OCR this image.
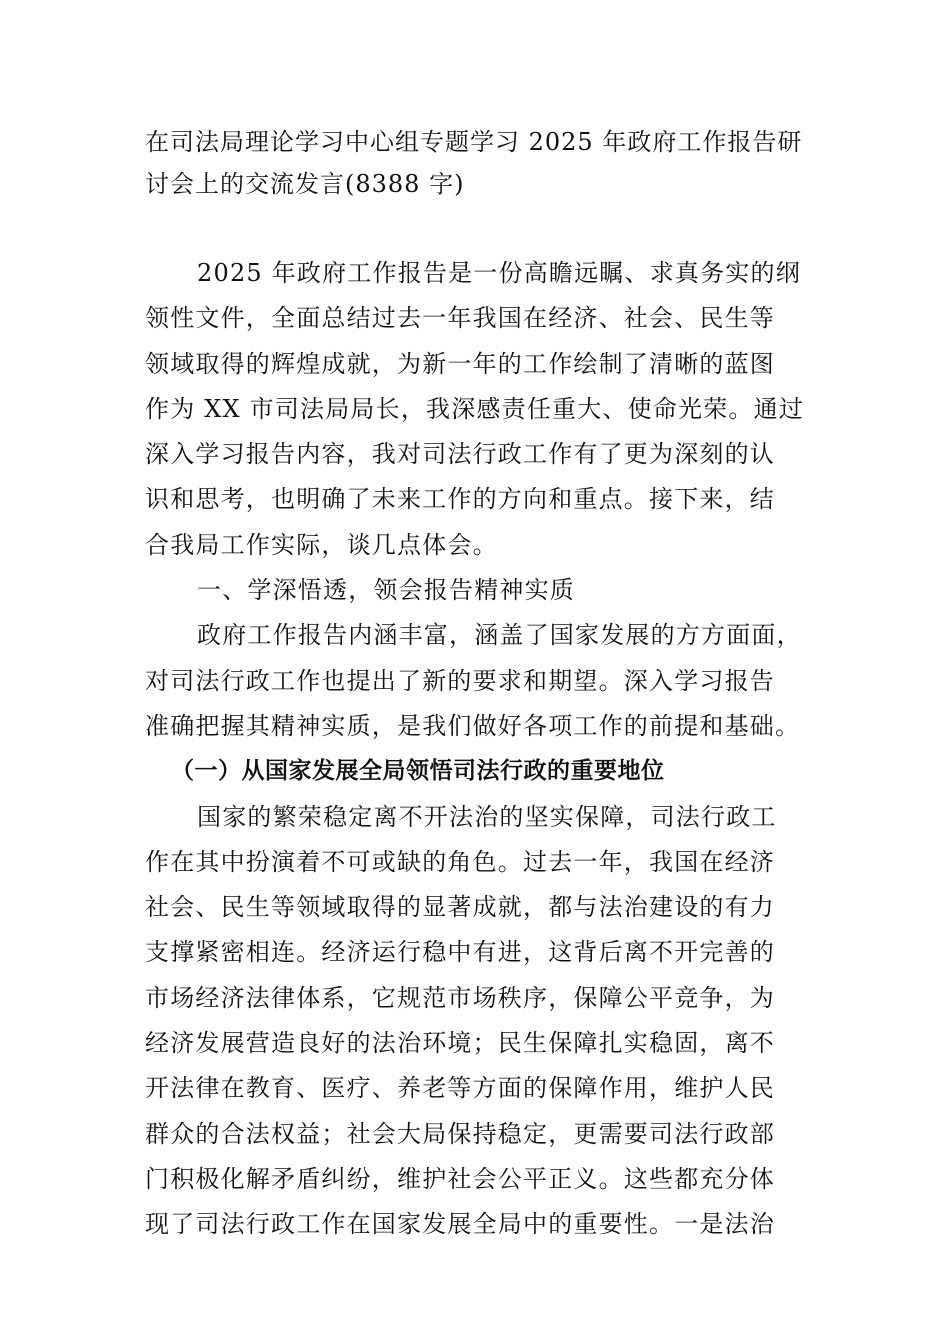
在司法局理论学习中心组专题学习 2025 年政府工作报告研
讨会上的交流发言(8388 字)
2025 年政府工作报告是一份高瞻远瞩、求真务实的纲
领性文件，全面总结过去一年我国在经济、社会、民生等
领域取得的辉煌成就，为新一年的工作绘制了清晰的蓝图
作为 XX 市司法局局长，我深感责任重大、使命光荣。通过
深入学习报告内容，我对司法行政工作有了更为深刻的认
识和思考，也明确了未来工作的方向和重点。接下来，结
合我局工作实际，谈几点体会。
一、学深悟透，领会报告精神实质
政府工作报告内涵丰富，涵盖了国家发展的方方面面，
对司法行政工作也提出了新的要求和期望。深入学习报告
准确把握其精神实质，是我们做好各项工作的前提和基础。
（一）从国家发展全局领悟司法行政的重要地位
国家的繁荣稳定离不开法治的坚实保障，司法行政工
作在其中扮演着不可或缺的角色。过去一年，我国在经济
社会、民生等领域取得的显著成就，都与法治建设的有力
支撑紧密相连。经济运行稳中有进，这背后离不开完善的
市场经济法律体系，它规范市场秩序，保障公平竞争，为
经济发展营造良好的法治环境；民生保障扎实稳固，离不
开法律在教育、医疗、养老等方面的保障作用，维护人民
群众的合法权益；社会大局保持稳定，更需要司法行政部
门积极化解矛盾纠纷，维护社会公平正义。这些都充分体
现了司法行政工作在国家发展全局中的重要性。一是法治
